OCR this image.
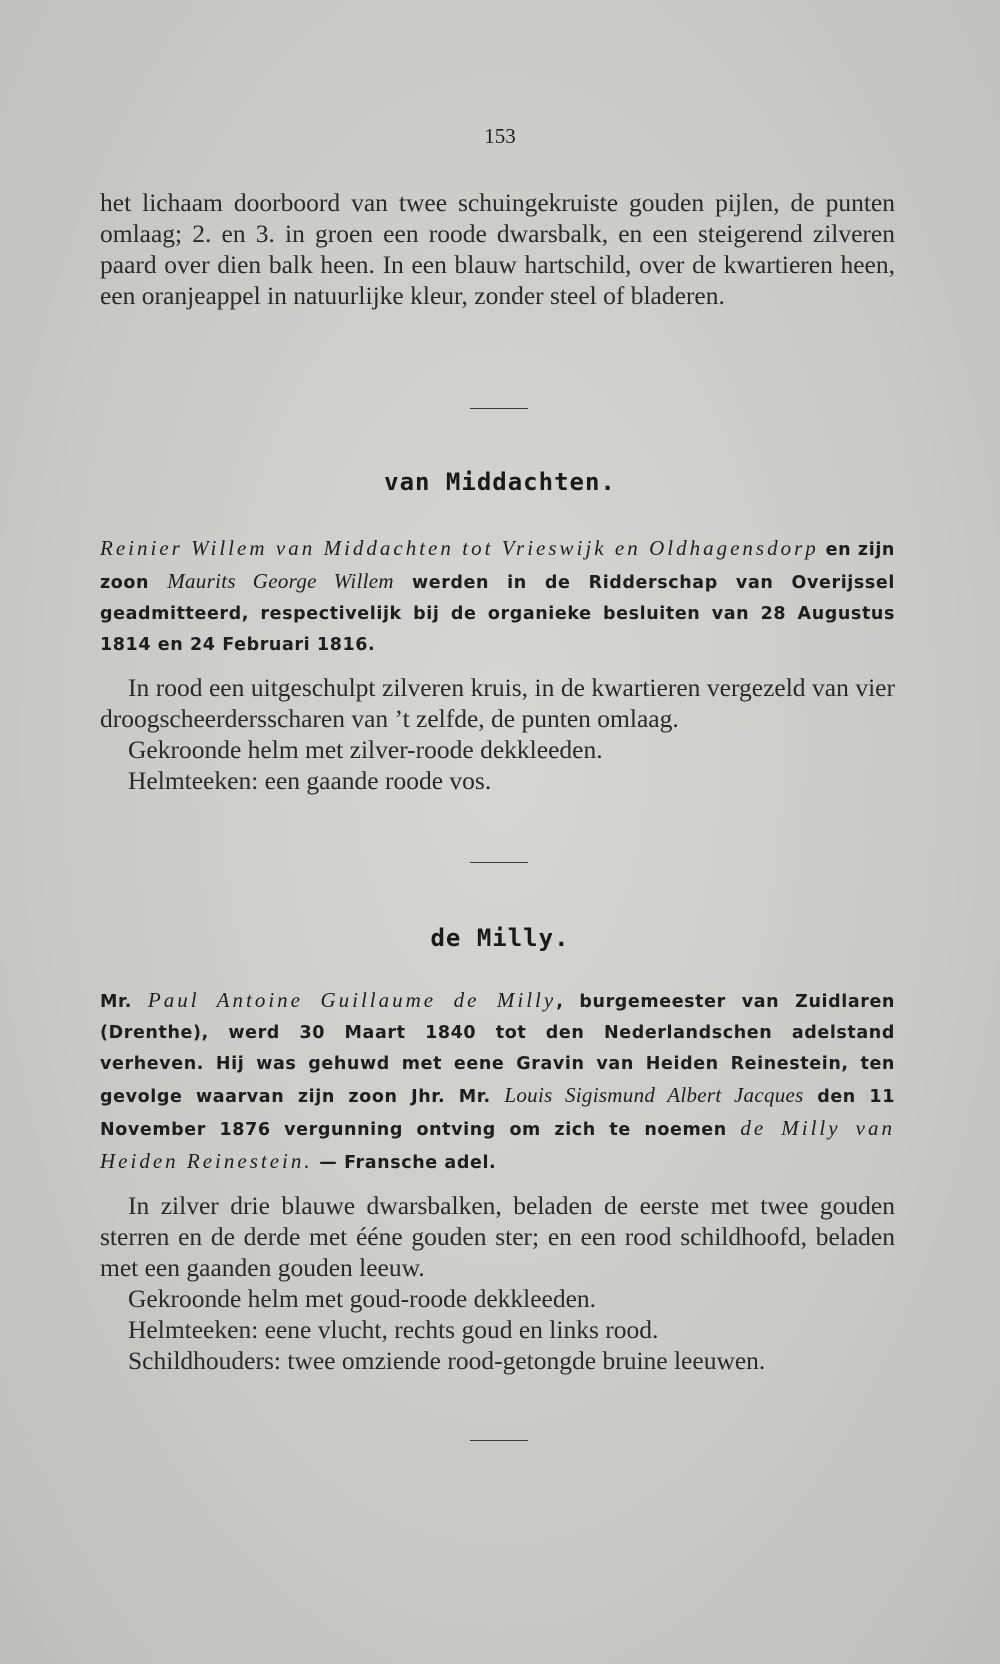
153
het lichaam doorboord van twee schuingekruiste gouden pijlen, de punten omlaag; 2. en 3. in groen een roode dwarsbalk, en een steigerend zilveren paard over dien balk heen. In een blauw hartschild, over de kwartieren heen, een oranjeappel in natuurlijke kleur, zonder steel of bladeren.
van Middachten.
Reinier Willem van Middachten tot Vrieswijk en Oldhagensdorp en zijn zoon Maurits George Willem werden in de Ridderschap van Overijssel geadmitteerd, respectivelijk bij de organieke besluiten van 28 Augustus 1814 en 24 Februari 1816.
In rood een uitgeschulpt zilveren kruis, in de kwartieren vergezeld van vier droogscheerdersscharen van ’t zelfde, de punten omlaag.
Gekroonde helm met zilver-roode dekkleeden.
Helmteeken: een gaande roode vos.
de Milly.
Mr. Paul Antoine Guillaume de Milly, burgemeester van Zuidlaren (Drenthe), werd 30 Maart 1840 tot den Nederlandschen adelstand verheven. Hij was gehuwd met eene Gravin van Heiden Reinestein, ten gevolge waarvan zijn zoon Jhr. Mr. Louis Sigismund Albert Jacques den 11 November 1876 vergunning ontving om zich te noemen de Milly van Heiden Reinestein. — Fransche adel.
In zilver drie blauwe dwarsbalken, beladen de eerste met twee gouden sterren en de derde met ééne gouden ster; en een rood schildhoofd, beladen met een gaanden gouden leeuw.
Gekroonde helm met goud-roode dekkleeden.
Helmteeken: eene vlucht, rechts goud en links rood.
Schildhouders: twee omziende rood-getongde bruine leeuwen.
